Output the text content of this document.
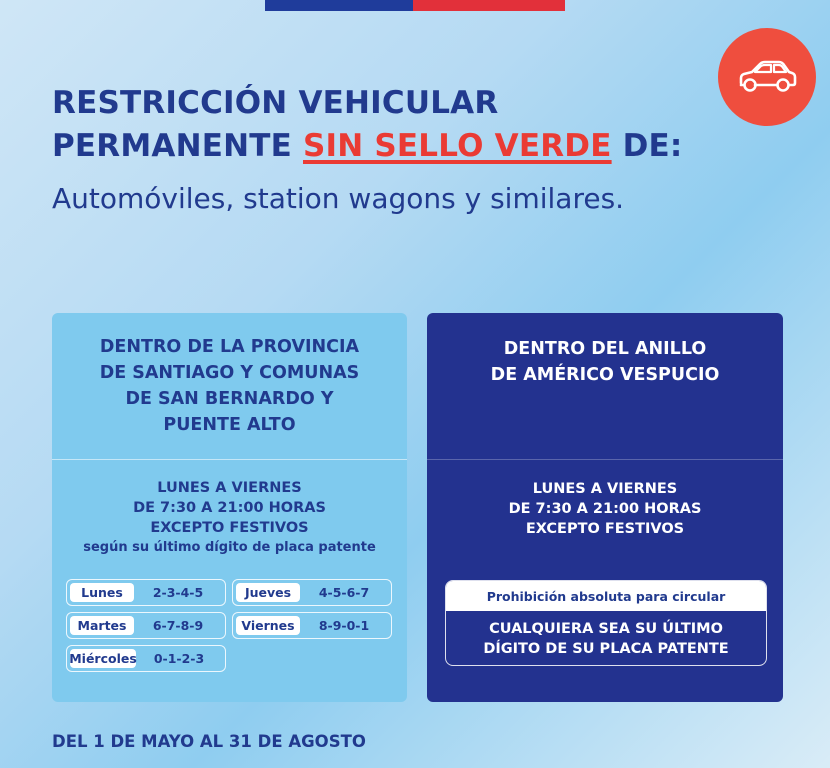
RESTRICCIÓN VEHICULAR
PERMANENTE SIN SELLO VERDE DE:

Automóviles, station wagons y similares.

DENTRO DE LA PROVINCIA
DE SANTIAGO Y COMUNAS
DE SAN BERNARDO Y
PUENTE ALTO
LUNES A VIERNES
DE 7:30 A 21:00 HORAS
EXCEPTO FESTIVOS
según su último dígito de placa patente
Lunes	2-3-4-5
Martes	6-7-8-9
Miércoles	0-1-2-3
Jueves	4-5-6-7
Viernes	8-9-0-1
DENTRO DEL ANILLO
DE AMÉRICO VESPUCIO
LUNES A VIERNES
DE 7:30 A 21:00 HORAS
EXCEPTO FESTIVOS
Prohibición absoluta para circular
CUALQUIERA SEA SU ÚLTIMO
DÍGITO DE SU PLACA PATENTE

DEL 1 DE MAYO AL 31 DE AGOSTO
